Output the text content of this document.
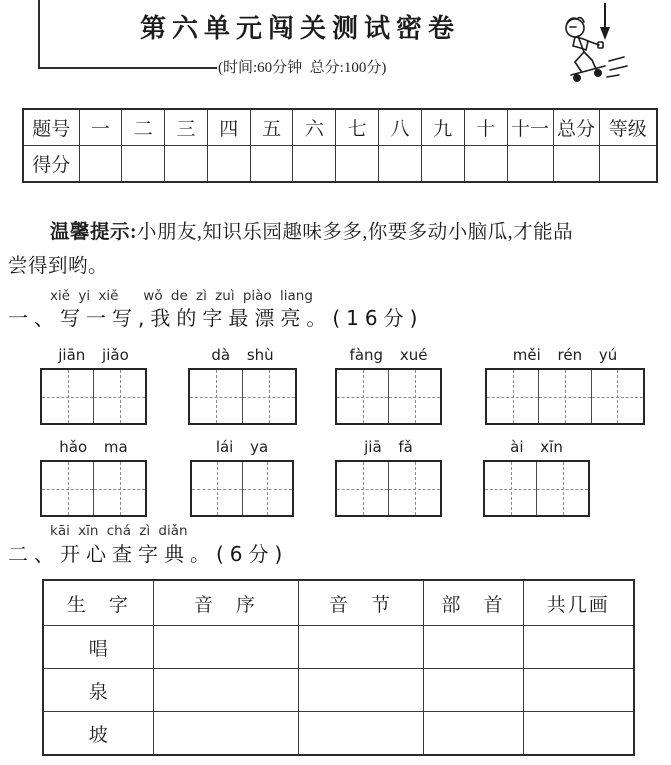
第六单元闯关测试密卷
(时间:60分钟  总分:100分)
题号	一	二	三	四	五	六	七	八	九	十	十一	总分	等级
得分													

温馨提示:小朋友,知识乐园趣味多多,你要多动小脑瓜,才能品
尝得到哟。

xiě yi xiě   wǒ de zì zuì piào liang
一、写一写,我的字最漂亮。(16分)
jiān jiǎo	dà shù	fàng xué	měi rén yú
hǎo ma	lái ya	jiā fǎ	ài xīn
kāi xīn chá zì diǎn
二、开心查字典。(6分)
生　字	音　序	音　节	部　首	共几画
唱				
泉				
坡				
